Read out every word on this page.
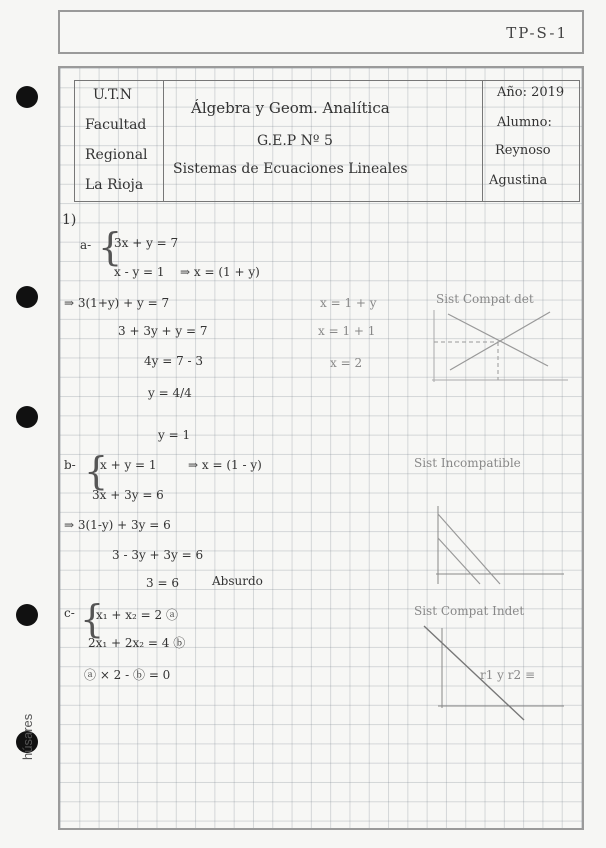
TP-S-1
húsares
U.T.N
Facultad
Regional
La Rioja
Álgebra y Geom. Analítica
G.E.P Nº 5
Sistemas de Ecuaciones Lineales
Año: 2019
Alumno:
Reynoso
Agustina
1)
a- {
3x + y = 7
x - y = 1 ⇒ x = (1 + y)
⇒ 3(1+y) + y = 7
3 + 3y + y = 7
4y = 7 - 3
y = 4/4
y = 1
x = 1 + y
x = 1 + 1
x = 2
Sist Compat det
b- {
x + y = 1	⇒ x = (1 - y)
3x + 3y = 6
⇒ 3(1-y) + 3y = 6
3 - 3y + 3y = 6
3 = 6	Absurdo
Sist Incompatible
c- {
x₁ + x₂ = 2 ⓐ
2x₁ + 2x₂ = 4 ⓑ
ⓐ × 2 - ⓑ = 0
Sist Compat Indet
r1 y r2 ≡
